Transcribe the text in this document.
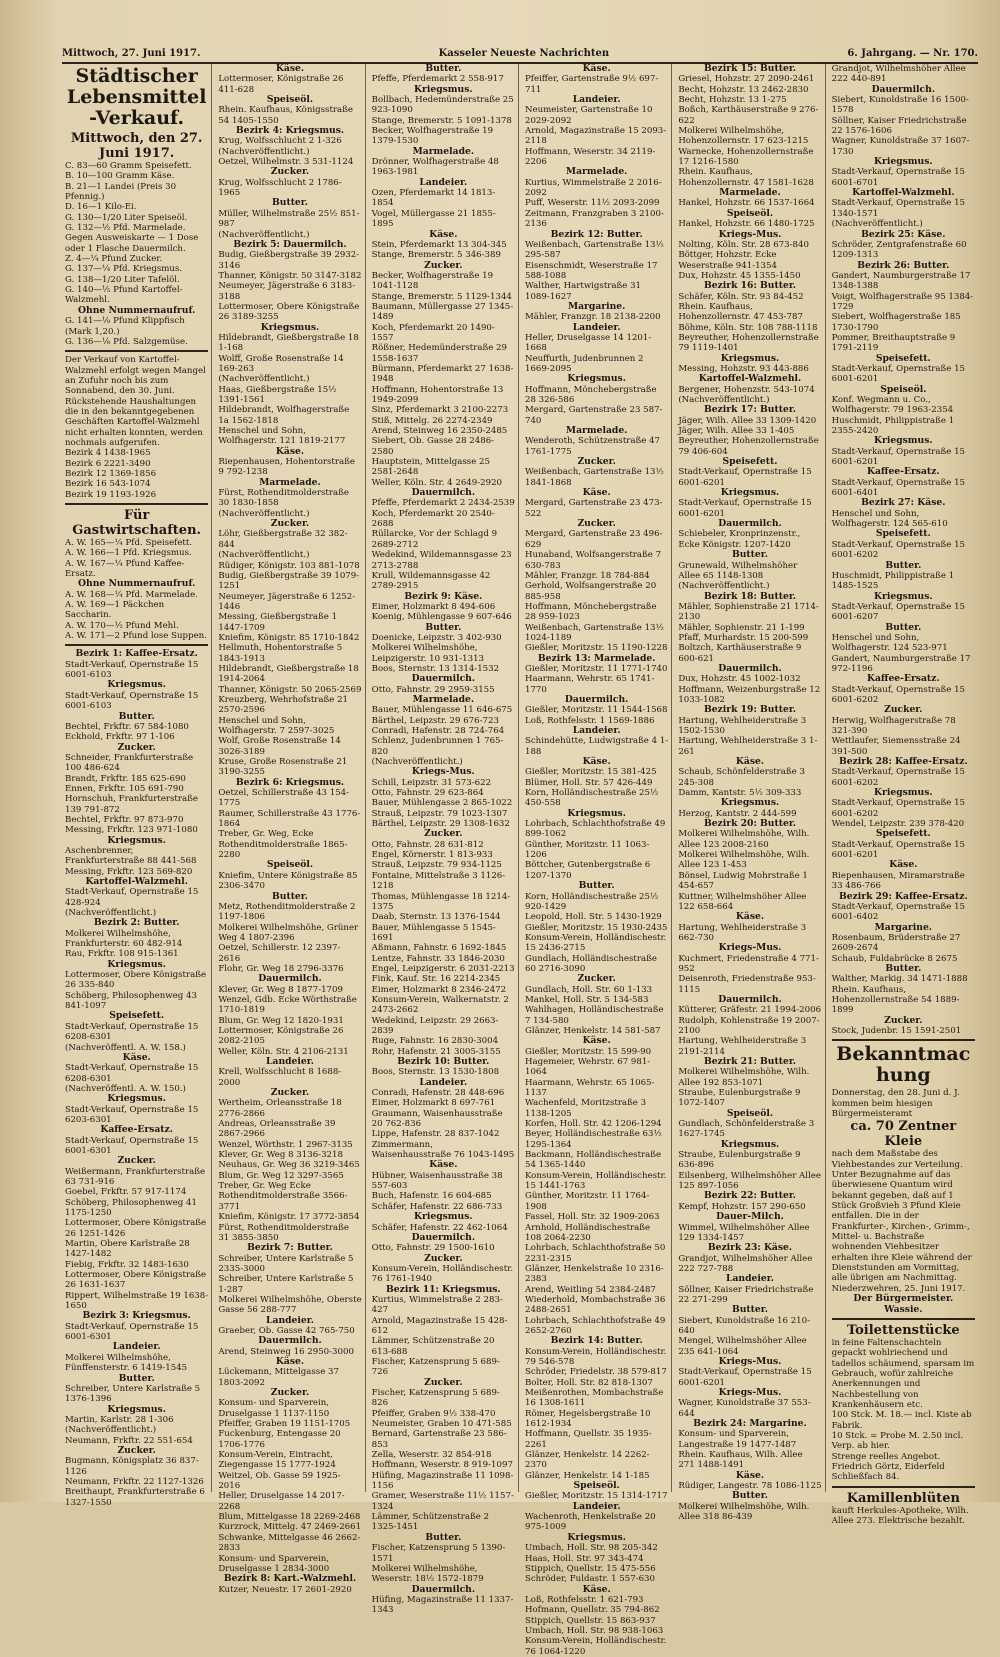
Mittwoch, 27. Juni 1917.	Kasseler Neueste Nachrichten	6. Jahrgang. — Nr. 170.
Städtischer Lebensmittel-Verkauf.
Mittwoch, den 27. Juni 1917.
C. 83—60 Gramm Speisefett.
B. 10—100 Gramm Käse.
B. 21—1 Landei (Preis 30 Pfennig.)
D. 16—1 Kilo-Ei.
G. 130—1/20 Liter Speiseöl.
G. 132—½ Pfd. Marmelade.
Gegen Ausweiskarte — 1 Dose oder 1 Flasche Dauermilch.
Z. 4—¼ Pfund Zucker.
G. 137—¼ Pfd. Kriegsmus.
G. 138—1/20 Liter Tafelöl.
G. 140—⅕ Pfund Kartoffel-Walzmehl.
Ohne Nummernaufruf.
G. 141—⅛ Pfund Klippfisch (Mark 1,20.)
G. 136—⅛ Pfd. Salzgemüse.
Der Verkauf von Kartoffel-Walzmehl erfolgt wegen Mangel an Zufuhr noch bis zum Sonnabend, den 30. Juni. Rückstehende Haushaltungen die in den bekanntgegebenen Geschäften Kartoffel-Walzmehl nicht erhalten konnten, werden nochmals aufgerufen.
Bezirk 4 1438-1965
Bezirk 6 2221-3490
Bezirk 12 1369-1856
Bezirk 16 543-1074
Bezirk 19 1193-1926
Für Gastwirtschaften.
A. W. 165—¼ Pfd. Speisefett.
A. W. 166—1 Pfd. Kriegsmus.
A. W. 167—¼ Pfund Kaffee-Ersatz.
Ohne Nummernaufruf.
A. W. 168—¼ Pfd. Marmelade.
A. W. 169—1 Päckchen Saccharin.
A. W. 170—½ Pfund Mehl.
A. W. 171—2 Pfund lose Suppen.
Bezirk 1: Kaffee-Ersatz.
Stadt-Verkauf, Opernstraße 15 6001-6103
Kriegsmus.
Stadt-Verkauf, Opernstraße 15 6001-6103
Butter.
Bechtel, Frkftr. 67 584-1080
Eckhold, Frkftr. 97 1-106
Zucker.
Schneider, Frankfurterstraße 100 486-624
Brandt, Frkftr. 185 625-690
Ennen, Frkftr. 105 691-790
Hornschuh, Frankfurterstraße 139 791-872
Bechtel, Frkftr. 97 873-970
Messing, Frkftr. 123 971-1080
Kriegsmus.
Aschenbrenner, Frankfurterstraße 88 441-568
Messing, Frkftr. 123 569-820
Kartoffel-Walzmehl.
Stadt-Verkauf, Opernstraße 15 428-924
(Nachveröffentlicht.)
Bezirk 2: Butter.
Molkerei Wilhelmshöhe, Frankfurterstr. 60 482-914
Rau, Frkftr. 108 915-1361
Kriegsmus.
Lottermoser, Obere Königstraße 26 335-840
Schöberg, Philosophenweg 43 841-1097
Speisefett.
Stadt-Verkauf, Opernstraße 15 6208-6301
(Nachveröffentl. A. W. 158.)
Käse.
Stadt-Verkauf, Opernstraße 15 6208-6301
(Nachveröffentl. A. W. 150.)
Kriegsmus.
Stadt-Verkauf, Opernstraße 15 6203-6301
Kaffee-Ersatz.
Stadt-Verkauf, Opernstraße 15 6001-6301
Zucker.
Weißermann, Frankfurterstraße 63 731-916
Goebel, Frkftr. 57 917-1174
Schöberg, Philosophenweg 41 1175-1250
Lottermoser, Obere Königstraße 26 1251-1426
Martin, Obere Karlstraße 28 1427-1482
Fiebig, Frkftr. 32 1483-1630
Lottermoser, Obere Königstraße 26 1631-1637
Rippert, Wilhelmstraße 19 1638-1650
Bezirk 3: Kriegsmus.
Stadt-Verkauf, Opernstraße 15 6001-6301
Landeier.
Molkerei Wilhelmshöhe, Fünffensterstr. 6 1419-1545
Butter.
Schreiber, Untere Karlstraße 5 1376-1396
Kriegsmus.
Martin, Karlstr. 28 1-306
(Nachveröffentlicht.)
Neumann, Frkftr. 22 551-654
Zucker.
Bugmann, Königsplatz 36 837-1126
Neumann, Frkftr. 22 1127-1326
Breithaupt, Frankfurterstraße 6 1327-1550
Käse.
Lottermoser, Königstraße 26 411-628
Speiseöl.
Rhein. Kaufhaus, Königsstraße 54 1405-1550
Bezirk 4: Kriegsmus.
Krug, Wolfsschlucht 2 1-326
(Nachveröffentlicht.)
Oetzel, Wilhelmstr. 3 531-1124
Zucker.
Krug, Wolfsschlucht 2 1786-1965
Butter.
Müller, Wilhelmstraße 25½ 851-987
(Nachveröffentlicht.)
Bezirk 5: Dauermilch.
Budig, Gießbergstraße 39 2932-3146
Thanner, Königstr. 50 3147-3182
Neumeyer, Jägerstraße 6 3183-3188
Lottermoser, Obere Königstraße 26 3189-3255
Kriegsmus.
Hildebrandt, Gießbergstraße 18 1-168
Wolff, Große Rosenstraße 14 169-263
(Nachveröffentlicht.)
Haas, Gießbergstraße 15½ 1391-1561
Hildebrandt, Wolfhagerstraße 1a 1562-1818
Henschel und Sohn, Wolfhagerstr. 121 1819-2177
Käse.
Riepenhausen, Hohentorstraße 9 792-1238
Marmelade.
Fürst, Rothenditmolderstraße 30 1830-1858
(Nachveröffentlicht.)
Zucker.
Löhr, Gießbergstraße 32 382-844
(Nachveröffentlicht.)
Rüdiger, Königstr. 103 881-1078
Budig, Gießbergstraße 39 1079-1251
Neumeyer, Jägerstraße 6 1252-1446
Messing, Gießbergstraße 1 1447-1709
Kniefim, Königstr. 85 1710-1842
Hellmuth, Hohentorstraße 5 1843-1913
Hildebrandt, Gießbergstraße 18 1914-2064
Thanner, Königstr. 50 2065-2569
Kreuzberg, Wehrhofstraße 21 2570-2596
Henschel und Sohn, Wolfhagerstr. 7 2597-3025
Wolf, Große Rosenstraße 14 3026-3189
Kruse, Große Rosenstraße 21 3190-3255
Bezirk 6: Kriegsmus.
Oetzel, Schillerstraße 43 154-1775
Raumer, Schillerstraße 43 1776-1864
Treber, Gr. Weg, Ecke Rothenditmolderstraße 1865-2280
Speiseöl.
Kniefim, Untere Königstraße 85 2306-3470
Butter.
Metz, Rothenditmolderstraße 2 1197-1806
Molkerei Wilhelmshöhe, Grüner Weg 4 1807-2396
Oetzel, Schillerstr. 12 2397-2616
Flohr, Gr. Weg 18 2796-3376
Dauermilch.
Klever, Gr. Weg 8 1877-1709
Wenzel, Gdb. Ecke Wörthstraße 1710-1819
Blum, Gr. Weg 12 1820-1931
Lottermoser, Königstraße 26 2082-2105
Weller, Köln. Str. 4 2106-2131
Landeier.
Krell, Wolfsschlucht 8 1688-2000
Zucker.
Wertheim, Orleansstraße 18 2776-2866
Andreas, Orleansstraße 39 2867-2966
Wenzel, Wörthstr. 1 2967-3135
Klever, Gr. Weg 8 3136-3218
Neuhaus, Gr. Weg 36 3219-3465
Blum, Gr. Weg 12 3297-3565
Treber, Gr. Weg Ecke Rothenditmolderstraße 3566-3771
Kniefim, Königstr. 17 3772-3854
Fürst, Rothenditmolderstraße 31 3855-3850
Bezirk 7: Butter.
Schreiber, Untere Karlstraße 5 2335-3000
Schreiber, Untere Karlstraße 5 1-287
Molkerei Wilhelmshöhe, Oberste Gasse 56 288-777
Landeier.
Graeber, Ob. Gasse 42 765-750
Dauermilch.
Arend, Steinweg 16 2950-3000
Käse.
Lückemann, Mittelgasse 37 1803-2092
Zucker.
Konsum- und Sparverein, Druselgasse 1 1137-1150
Pfeiffer, Graben 19 1151-1705
Fuckenburg, Entengasse 20 1706-1776
Konsum-Verein, Eintracht, Ziegengasse 15 1777-1924
Weitzel, Ob. Gasse 59 1925-2016
Heller, Druselgasse 14 2017-2268
Blum, Mittelgasse 18 2269-2468
Kurzrock, Mittelg. 47 2469-2661
Schwanke, Mittelgasse 46 2662-2833
Konsum- und Sparverein, Druselgasse 1 2834-3000
Bezirk 8: Kart.-Walzmehl.
Kutzer, Neuestr. 17 2601-2920
Butter.
Pfeffe, Pferdemarkt 2 558-917
Kriegsmus.
Bollbach, Hedemünderstraße 25 923-1090
Stange, Bremerstr. 5 1091-1378
Becker, Wolfhagerstraße 19 1379-1530
Marmelade.
Drönner, Wolfhagerstraße 48 1963-1981
Landeier.
Ozen, Pferdemarkt 14 1813-1854
Vogel, Müllergasse 21 1855-1895
Käse.
Stein, Pferdemarkt 13 304-345
Stange, Bremerstr. 5 346-389
Zucker.
Becker, Wolfhagerstraße 19 1041-1128
Stange, Bremerstr. 5 1129-1344
Baumann, Müllergasse 27 1345-1489
Koch, Pferdemarkt 20 1490-1557
Rößner, Hedemünderstraße 29 1558-1637
Bürmann, Pferdemarkt 27 1638-1948
Hoffmann, Hohentorstraße 13 1949-2099
Sinz, Pferdemarkt 3 2100-2273
Stiß, Mittelg. 26 2274-2349
Arend, Steinweg 16 2350-2485
Siebert, Ob. Gasse 28 2486-2580
Hauptstein, Mittelgasse 25 2581-2648
Weller, Köln. Str. 4 2649-2920
Dauermilch.
Pfeffe, Pferdemarkt 2 2434-2539
Koch, Pferdemarkt 20 2540-2688
Rüllarcke, Vor der Schlagd 9 2689-2712
Wedekind, Wildemannsgasse 23 2713-2788
Krull, Wildemannsgasse 42 2789-2915
Bezirk 9: Käse.
Eimer, Holzmarkt 8 494-606
Koenig, Mühlengasse 9 607-646
Butter.
Doenicke, Leipzstr. 3 402-930
Molkerei Wilhelmshöhe, Leipzigerstr. 10 931-1313
Boos, Sternstr. 13 1314-1532
Dauermilch.
Otto, Fahnstr. 29 2959-3155
Marmelade.
Bauer, Mühlengasse 11 646-675
Bärthel, Leipzstr. 29 676-723
Conradi, Hafenstr. 28 724-764
Schlenz, Judenbrunnen 1 765-820
(Nachveröffentlicht.)
Kriegs-Mus.
Schill, Leipzstr. 31 573-622
Otto, Fahnstr. 29 623-864
Bauer, Mühlengasse 2 865-1022
Strauß, Leipzstr. 79 1023-1307
Bärthel, Leipzstr. 29 1308-1632
Zucker.
Otto, Fahnstr. 28 631-812
Engel, Körnerstr. 1 813-933
Strauß, Leipzstr. 79 934-1125
Fontaine, Mittelstraße 3 1126-1218
Thomas, Mühlengasse 18 1214-1375
Daab, Sternstr. 13 1376-1544
Bauer, Mühlengasse 5 1545-1691
Aßmann, Fahnstr. 6 1692-1845
Lentze, Fahnstr. 33 1846-2030
Engel, Leipzigerstr. 6 2031-2213
Fink, Kauf. Str. 16 2214-2345
Eimer, Holzmarkt 8 2346-2472
Konsum-Verein, Walkernatstr. 2 2473-2662
Wedekind, Leipzstr. 29 2663-2839
Ruge, Fahnstr. 16 2830-3004
Rohr, Hafenstr. 21 3005-3155
Bezirk 10: Butter.
Boos, Sternstr. 13 1530-1808
Landeier.
Conradi, Hafenstr. 28 448-696
Eimer, Holzmarkt 8 697-761
Graumann, Waisenhausstraße 20 762-836
Lippe, Hafenstr. 28 837-1042
Zimmermann, Waisenhausstraße 76 1043-1495
Käse.
Hübner, Waisenhausstraße 38 557-603
Buch, Hafenstr. 16 604-685
Schäfer, Hafenstr. 22 686-733
Kriegsmus.
Schäfer, Hafenstr. 22 462-1064
Dauermilch.
Otto, Fahnstr. 29 1500-1610
Zucker.
Konsum-Verein, Holländischestr. 76 1761-1940
Bezirk 11: Kriegsmus.
Kurtius, Wimmelstraße 2 283-427
Arnold, Magazinstraße 15 428-612
Lämmer, Schützenstraße 20 613-688
Fischer, Katzensprung 5 689-726
Zucker.
Fischer, Katzensprung 5 689-826
Pfeiffer, Graben 9½ 338-470
Neumeister, Graben 10 471-585
Bernard, Gartenstraße 23 586-853
Zella, Weserstr. 32 854-918
Hoffmann, Weserstr. 8 919-1097
Hüfing, Magazinstraße 11 1098-1156
Gramer, Weserstraße 11½ 1157-1324
Lämmer, Schützenstraße 2 1325-1451
Butter.
Fischer, Katzensprung 5 1390-1571
Molkerei Wilhelmshöhe, Weserstr. 18½ 1572-1879
Dauermilch.
Hüfing, Magazinstraße 11 1337-1343
Käse.
Pfeiffer, Gartenstraße 9½ 697-711
Landeier.
Neumeister, Gartenstraße 10 2029-2092
Arnold, Magazinstraße 15 2093-2118
Hoffmann, Weserstr. 34 2119-2206
Marmelade.
Kurtius, Wimmelstraße 2 2016-2092
Puff, Weserstr. 11½ 2093-2099
Zeitmann, Franzgraben 3 2100-2136
Bezirk 12: Butter.
Weißenbach, Gartenstraße 13½ 295-587
Eisenschmidt, Weserstraße 17 588-1088
Walther, Hartwigstraße 31 1089-1627
Margarine.
Mähler, Franzgr. 18 2138-2200
Landeier.
Heller, Druselgasse 14 1201-1668
Neuffurth, Judenbrunnen 2 1669-2095
Kriegsmus.
Hoffmann, Mönchebergstraße 28 326-586
Mergard, Gartenstraße 23 587-740
Marmelade.
Wenderoth, Schützenstraße 47 1761-1775
Zucker.
Weißenbach, Gartenstraße 13½ 1841-1868
Käse.
Mergard, Gartenstraße 23 473-522
Zucker.
Mergard, Gartenstraße 23 496-629
Hunaband, Wolfsangerstraße 7 630-783
Mähler, Franzgr. 18 784-884
Gerhold, Wolfsangerstraße 20 885-958
Hoffmann, Mönchebergstraße 28 959-1023
Weißenbach, Gartenstraße 13½ 1024-1189
Gießler, Moritzstr. 15 1190-1228
Bezirk 13: Marmelade.
Gießler, Moritzstr. 11 1771-1740
Haarmann, Wehrstr. 65 1741-1770
Dauermilch.
Gießler, Moritzstr. 11 1544-1568
Loß, Rothfelsstr. 1 1569-1886
Landeier.
Schindehütte, Ludwigstraße 4 1-188
Käse.
Gießler, Moritzstr. 15 381-425
Blümer, Holl. Str. 57 426-449
Korn, Holländischestraße 25½ 450-558
Kriegsmus.
Lohrbach, Schlachthofstraße 49 899-1062
Günther, Moritzstr. 11 1063-1206
Böttcher, Gutenbergstraße 6 1207-1370
Butter.
Korn, Holländischestraße 25½ 920-1429
Leopold, Holl. Str. 5 1430-1929
Gießler, Moritzstr. 15 1930-2435
Konsum-Verein, Holländischestr. 15 2436-2715
Gundlach, Holländischestraße 60 2716-3090
Zucker.
Gundlach, Holl. Str. 60 1-133
Mankel, Holl. Str. 5 134-583
Wahlhagen, Holländischestraße 7 134-580
Glänzer, Henkelstr. 14 581-587
Käse.
Gießler, Moritzstr. 15 599-90
Hagemeier, Wehrstr. 67 981-1064
Haarmann, Wehrstr. 65 1065-1137
Wachenfeld, Moritzstraße 3 1138-1205
Korfen, Holl. Str. 42 1206-1294
Beyer, Holländischestraße 63½ 1295-1364
Backmann, Holländischestraße 54 1365-1440
Konsum-Verein, Holländischestr. 15 1441-1763
Günther, Moritzstr. 11 1764-1908
Fassel, Holl. Str. 32 1909-2063
Arnhold, Holländischestraße 108 2064-2230
Lohrbach, Schlachthofstraße 50 2231-2315
Glänzer, Henkelstraße 10 2316-2383
Arend, Weitling 54 2384-2487
Wiederhold, Mombachstraße 36 2488-2651
Lohrbach, Schlachthofstraße 49 2652-2760
Bezirk 14: Butter.
Konsum-Verein, Holländischestr. 79 546-578
Schröder, Friedelstr. 38 579-817
Bolter, Holl. Str. 82 818-1307
Meißenrothen, Mombachstraße 16 1308-1611
Römer, Hegelsbergstraße 10 1612-1934
Hoffmann, Quellstr. 35 1935-2261
Glänzer, Henkelstr. 14 2262-2370
Glänzer, Henkelstr. 14 1-185
Speiseöl.
Gießler, Moritzstr. 15 1314-1717
Landeier.
Wachenroth, Henkelstraße 20 975-1009
Kriegsmus.
Umbach, Holl. Str. 98 205-342
Haas, Holl. Str. 97 343-474
Stippich, Quellstr. 15 475-556
Schröder, Fuldastr. 1 557-630
Käse.
Loß, Rothfelsstr. 1 621-793
Hofmann, Quellstr. 35 794-862
Stippich, Quellstr. 15 863-937
Umbach, Holl. Str. 98 938-1063
Konsum-Verein, Holländischestr. 76 1064-1220
Bezirk 15: Butter.
Griesel, Hohzstr. 27 2090-2461
Becht, Hohzstr. 13 2462-2830
Becht, Hohzstr. 13 1-275
Boßch, Karthäuserstraße 9 276-622
Molkerei Wilhelmshöhe, Hohenzollernstr. 17 623-1215
Warnecke, Hohenzollernstraße 17 1216-1580
Rhein. Kaufhaus, Hohenzollernstr. 47 1581-1628
Marmelade.
Hankel, Hohzstr. 66 1537-1664
Speiseöl.
Hankel, Hohzstr. 66 1480-1725
Kriegs-Mus.
Nolting, Köln. Str. 28 673-840
Böttger, Hohzstr. Ecke Weserstraße 941-1354
Dux, Hohzstr. 45 1355-1450
Bezirk 16: Butter.
Schäfer, Köln. Str. 93 84-452
Rhein. Kaufhaus, Hohenzollernstr. 47 453-787
Böhme, Köln. Str. 108 788-1118
Beyreuther, Hohenzollernstraße 79 1119-1401
Kriegsmus.
Messing, Hohzstr. 93 443-886
Kartoffel-Walzmehl.
Bergener, Hohenzstr. 543-1074
(Nachveröffentlicht.)
Bezirk 17: Butter.
Jäger, Wilh. Allee 33 1309-1420
Jäger, Wilh. Allee 33 1-405
Beyreuther, Hohenzollernstraße 79 406-604
Speisefett.
Stadt-Verkauf, Opernstraße 15 6001-6201
Kriegsmus.
Stadt-Verkauf, Opernstraße 15 6001-6201
Dauermilch.
Schiebeler, Kronprinzenstr., Ecke Königstr. 1207-1420
Butter.
Grunewald, Wilhelmshöher Allee 65 1148-1308
(Nachveröffentlicht.)
Bezirk 18: Butter.
Mähler, Sophienstraße 21 1714-2130
Mähler, Sophienstr. 21 1-199
Pfaff, Murhardstr. 15 200-599
Boltzch, Karthäuserstraße 9 600-621
Dauermilch.
Dux, Hohzstr. 45 1002-1032
Hoffmann, Weizenburgstraße 12 1033-1082
Bezirk 19: Butter.
Hartung, Wehlheiderstraße 3 1502-1530
Hartung, Wehlheiderstraße 3 1-261
Käse.
Schaub, Schönfelderstraße 3 245-308
Damm, Kantstr. 5½ 309-333
Kriegsmus.
Herzog, Kantstr. 2 444-599
Bezirk 20: Butter.
Molkerei Wilhelmshöhe, Wilh. Allee 123 2008-2160
Molkerei Wilhelmshöhe, Wilh. Allee 123 1-453
Bönsel, Ludwig Mohrstraße 1 454-657
Kuttner, Wilhelmshöher Allee 122 658-664
Käse.
Hartung, Wehlheiderstraße 3 662-730
Kriegs-Mus.
Kuchmert, Friedenstraße 4 771-952
Deisenroth, Friedenstraße 953-1115
Dauermilch.
Kütterer, Gräfestr. 21 1994-2006
Rudolph, Kohlenstraße 19 2007-2100
Hartung, Wehlheiderstraße 3 2191-2114
Bezirk 21: Butter.
Molkerei Wilhelmshöhe, Wilh. Allee 192 853-1071
Straube, Eulenburgstraße 9 1072-1407
Speiseöl.
Gundlach, Schönfelderstraße 3 1627-1745
Kriegsmus.
Straube, Eulenburgstraße 9 636-896
Eilsenberg, Wilhelmshöher Allee 125 897-1056
Bezirk 22: Butter.
Kempf, Hohzstr. 157 290-650
Dauer-Milch.
Wimmel, Wilhelmshöher Allee 129 1334-1457
Bezirk 23: Käse.
Grandjot, Wilhelmshöher Allee 222 727-788
Landeier.
Söllner, Kaiser Friedrichstraße 22 271-299
Butter.
Siebert, Kunoldstraße 16 210-640
Mengel, Wilhelmshöher Allee 235 641-1064
Kriegs-Mus.
Stadt-Verkauf, Opernstraße 15 6001-6201
Kriegs-Mus.
Wagner, Kunoldstraße 37 553-644
Bezirk 24: Margarine.
Konsum- und Sparverein, Langestraße 19 1477-1487
Rhein. Kaufhaus, Wilh. Allee 271 1488-1491
Käse.
Rüdiger, Langestr. 78 1086-1125
Butter.
Molkerei Wilhelmshöhe, Wilh. Allee 318 86-439
Grandjot, Wilhelmshöher Allee 222 440-891
Dauermilch.
Siebert, Kunoldstraße 16 1500-1578
Söllner, Kaiser Friedrichstraße 22 1576-1606
Wagner, Kunoldstraße 37 1607-1730
Kriegsmus.
Stadt-Verkauf, Opernstraße 15 6001-6701
Kartoffel-Walzmehl.
Stadt-Verkauf, Opernstraße 15 1340-1571
(Nachveröffentlicht.)
Bezirk 25: Käse.
Schröder, Zentgrafenstraße 60 1209-1313
Bezirk 26: Butter.
Gandert, Naumburgerstraße 17 1348-1388
Voigt, Wolfhagerstraße 95 1384-1729
Siebert, Wolfhagerstraße 185 1730-1790
Pommer, Breithauptstraße 9 1791-2119
Speisefett.
Stadt-Verkauf, Opernstraße 15 6001-6201
Speiseöl.
Konf. Wegmann u. Co., Wolfhagerstr. 79 1963-2354
Huschmidt, Philippistraße 1 2355-2420
Kriegsmus.
Stadt-Verkauf, Opernstraße 15 6001-6201
Kaffee-Ersatz.
Stadt-Verkauf, Opernstraße 15 6001-6401
Bezirk 27: Käse.
Henschel und Sohn, Wolfhagerstr. 124 565-610
Speisefett.
Stadt-Verkauf, Opernstraße 15 6001-6202
Butter.
Huschmidt, Philippistraße 1 1485-1525
Kriegsmus.
Stadt-Verkauf, Opernstraße 15 6001-6207
Butter.
Henschel und Sohn, Wolfhagerstr. 124 523-971
Gandert, Naumburgerstraße 17 972-1196
Kaffee-Ersatz.
Stadt-Verkauf, Opernstraße 15 6001-6202
Zucker.
Herwig, Wolfhagerstraße 78 321-390
Wettlaufer, Siemensstraße 24 391-500
Bezirk 28: Kaffee-Ersatz.
Stadt-Verkauf, Opernstraße 15 6001-6202
Kriegsmus.
Stadt-Verkauf, Opernstraße 15 6001-6202
Wendel, Leipzstr. 239 378-420
Speisefett.
Stadt-Verkauf, Opernstraße 15 6001-6201
Käse.
Riepenhausen, Miramarstraße 33 486-766
Bezirk 29: Kaffee-Ersatz.
Stadt-Verkauf, Opernstraße 15 6001-6402
Margarine.
Rosenbaum, Brüderstraße 27 2609-2674
Schaub, Fuldabrücke 8 2675
Butter.
Walther, Markig. 34 1471-1888
Rhein. Kaufhaus, Hohenzollernstraße 54 1889-1899
Zucker.
Stock, Judenbr. 15 1591-2501
Bekanntmachung
Donnerstag, den 28. Juni d. J. kommen beim hiesigen Bürgermeisteramt
ca. 70 Zentner Kleie
nach dem Maßstabe des Viehbestandes zur Verteilung. Unter Bezugnahme auf das überwiesene Quantum wird bekannt gegeben, daß auf 1 Stück Großvieh 3 Pfund Kleie entfallen. Die in der Frankfurter-, Kirchen-, Grimm-, Mittel- u. Bachstraße wohnenden Viehbesitzer erhalten ihre Kleie während der Dienststunden am Vormittag, alle übrigen am Nachmittag.
Niederzwehren, 25. Juni 1917.
Der Bürgermeister.
Wassie.
Toilettenstücke
in feine Faltenschachteln gepackt wohlriechend und tadellos schäumend, sparsam im Gebrauch, wofür zahlreiche Anerkennungen und Nachbestellung von Krankenhäusern etc.
100 Stck. M. 18.— incl. Kiste ab Fabrik.
10 Stck. = Probe M. 2.50 incl. Verp. ab hier.
Strenge reelles Angebot.
Friedrich Görtz, Eiderfeld Schließfach 84.
Kamillenblüten
kauft Herkules-Apotheke, Wilh. Allee 273. Elektrische bezahlt.
